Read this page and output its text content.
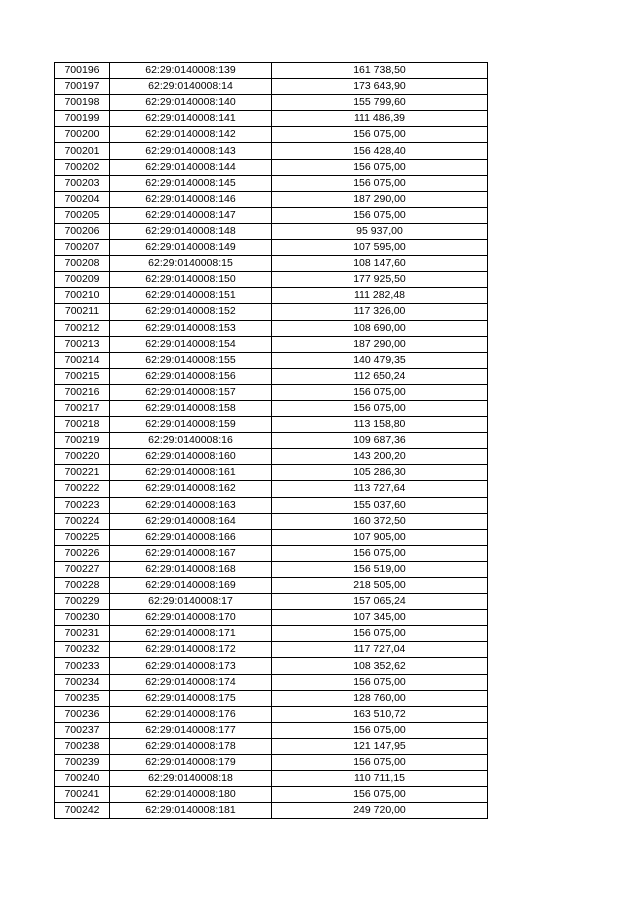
700196	62:29:0140008:139	161 738,50
700197	62:29:0140008:14	173 643,90
700198	62:29:0140008:140	155 799,60
700199	62:29:0140008:141	111 486,39
700200	62:29:0140008:142	156 075,00
700201	62:29:0140008:143	156 428,40
700202	62:29:0140008:144	156 075,00
700203	62:29:0140008:145	156 075,00
700204	62:29:0140008:146	187 290,00
700205	62:29:0140008:147	156 075,00
700206	62:29:0140008:148	95 937,00
700207	62:29:0140008:149	107 595,00
700208	62:29:0140008:15	108 147,60
700209	62:29:0140008:150	177 925,50
700210	62:29:0140008:151	111 282,48
700211	62:29:0140008:152	117 326,00
700212	62:29:0140008:153	108 690,00
700213	62:29:0140008:154	187 290,00
700214	62:29:0140008:155	140 479,35
700215	62:29:0140008:156	112 650,24
700216	62:29:0140008:157	156 075,00
700217	62:29:0140008:158	156 075,00
700218	62:29:0140008:159	113 158,80
700219	62:29:0140008:16	109 687,36
700220	62:29:0140008:160	143 200,20
700221	62:29:0140008:161	105 286,30
700222	62:29:0140008:162	113 727,64
700223	62:29:0140008:163	155 037,60
700224	62:29:0140008:164	160 372,50
700225	62:29:0140008:166	107 905,00
700226	62:29:0140008:167	156 075,00
700227	62:29:0140008:168	156 519,00
700228	62:29:0140008:169	218 505,00
700229	62:29:0140008:17	157 065,24
700230	62:29:0140008:170	107 345,00
700231	62:29:0140008:171	156 075,00
700232	62:29:0140008:172	117 727,04
700233	62:29:0140008:173	108 352,62
700234	62:29:0140008:174	156 075,00
700235	62:29:0140008:175	128 760,00
700236	62:29:0140008:176	163 510,72
700237	62:29:0140008:177	156 075,00
700238	62:29:0140008:178	121 147,95
700239	62:29:0140008:179	156 075,00
700240	62:29:0140008:18	110 711,15
700241	62:29:0140008:180	156 075,00
700242	62:29:0140008:181	249 720,00
